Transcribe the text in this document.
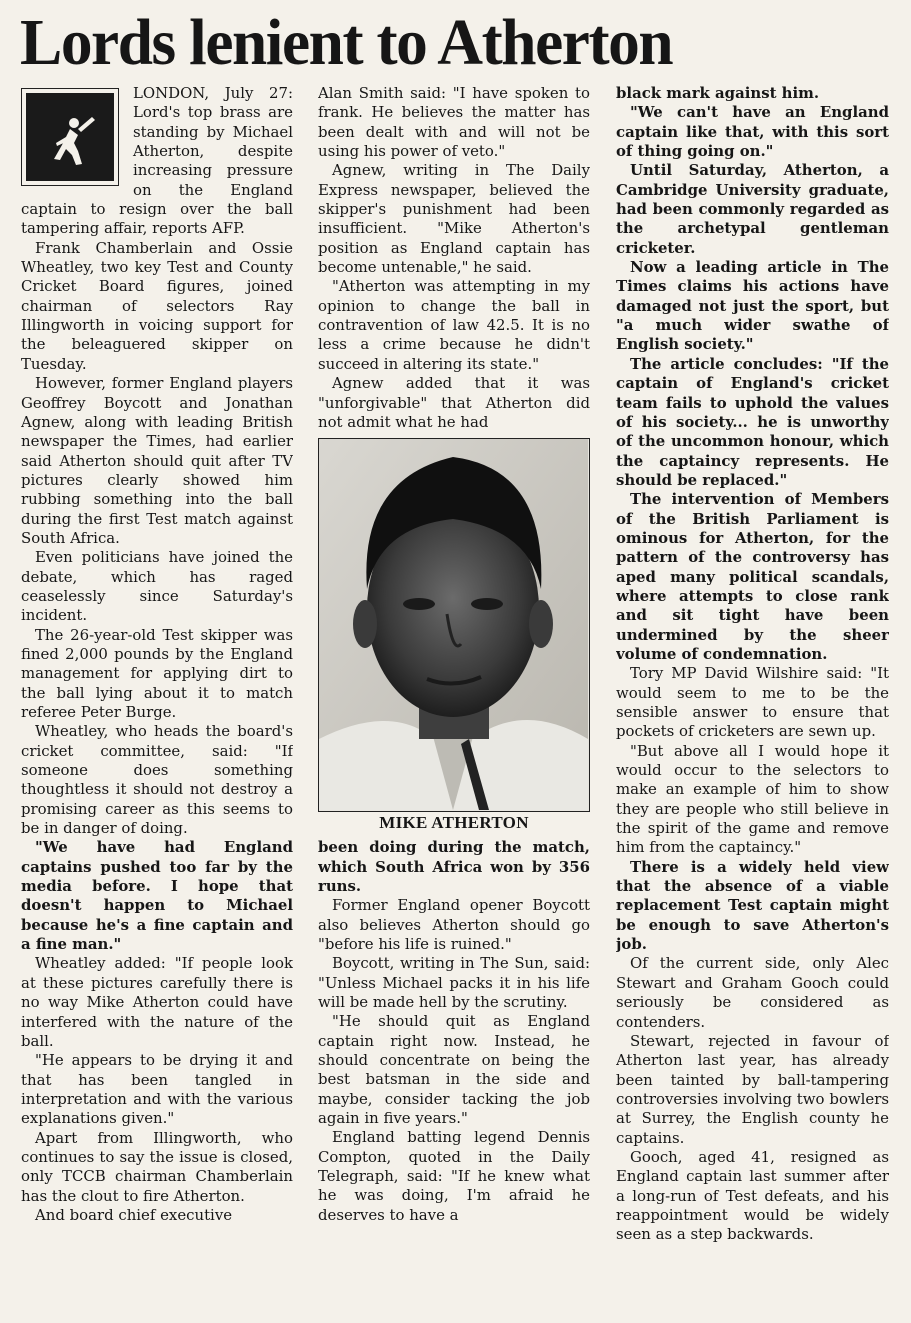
Lords lenient to Atherton

LONDON, July 27: Lord's top brass are standing by Michael Atherton, despite increasing pressure on the England captain to resign over the ball tampering affair, reports AFP.

Frank Chamberlain and Ossie Wheatley, two key Test and County Cricket Board figures, joined chairman of selectors Ray Illingworth in voicing support for the beleaguered skipper on Tuesday.

However, former England players Geoffrey Boycott and Jonathan Agnew, along with leading British newspaper the Times, had earlier said Atherton should quit after TV pictures clearly showed him rubbing something into the ball during the first Test match against South Africa.

Even politicians have joined the debate, which has raged ceaselessly since Saturday's incident.

The 26-year-old Test skipper was fined 2,000 pounds by the England management for applying dirt to the ball lying about it to match referee Peter Burge.

Wheatley, who heads the board's cricket committee, said: "If someone does something thoughtless it should not destroy a promising career as this seems to be in danger of doing.

"We have had England captains pushed too far by the media before. I hope that doesn't happen to Michael because he's a fine captain and a fine man."

Wheatley added: "If people look at these pictures carefully there is no way Mike Atherton could have interfered with the nature of the ball.

"He appears to be drying it and that has been tangled in interpretation and with the various explanations given."

Apart from Illingworth, who continues to say the issue is closed, only TCCB chairman Chamberlain has the clout to fire Atherton.

And board chief executive

Alan Smith said: "I have spoken to frank. He believes the matter has been dealt with and will not be using his power of veto."

Agnew, writing in The Daily Express newspaper, believed the skipper's punishment had been insufficient. "Mike Atherton's position as England captain has become untenable," he said.

"Atherton was attempting in my opinion to change the ball in contravention of law 42.5. It is no less a crime because he didn't succeed in altering its state."

Agnew added that it was "unforgivable" that Atherton did not admit what he had

MIKE ATHERTON

been doing during the match, which South Africa won by 356 runs.

Former England opener Boycott also believes Atherton should go "before his life is ruined."

Boycott, writing in The Sun, said: "Unless Michael packs it in his life will be made hell by the scrutiny.

"He should quit as England captain right now. Instead, he should concentrate on being the best batsman in the side and maybe, consider tacking the job again in five years."

England batting legend Dennis Compton, quoted in the Daily Telegraph, said: "If he knew what he was doing, I'm afraid he deserves to have a

black mark against him.

"We can't have an England captain like that, with this sort of thing going on."

Until Saturday, Atherton, a Cambridge University graduate, had been commonly regarded as the archetypal gentleman cricketer.

Now a leading article in The Times claims his actions have damaged not just the sport, but "a much wider swathe of English society."

The article concludes: "If the captain of England's cricket team fails to uphold the values of his society... he is unworthy of the uncommon honour, which the captaincy represents. He should be replaced."

The intervention of Members of the British Parliament is ominous for Atherton, for the pattern of the controversy has aped many political scandals, where attempts to close rank and sit tight have been undermined by the sheer volume of condemnation.

Tory MP David Wilshire said: "It would seem to me to be the sensible answer to ensure that pockets of cricketers are sewn up.

"But above all I would hope it would occur to the selectors to make an example of him to show they are people who still believe in the spirit of the game and remove him from the captaincy."

There is a widely held view that the absence of a viable replacement Test captain might be enough to save Atherton's job.

Of the current side, only Alec Stewart and Graham Gooch could seriously be considered as contenders.

Stewart, rejected in favour of Atherton last year, has already been tainted by ball-tampering controversies involving two bowlers at Surrey, the English county he captains.

Gooch, aged 41, resigned as England captain last summer after a long-run of Test defeats, and his reappointment would be widely seen as a step backwards.
